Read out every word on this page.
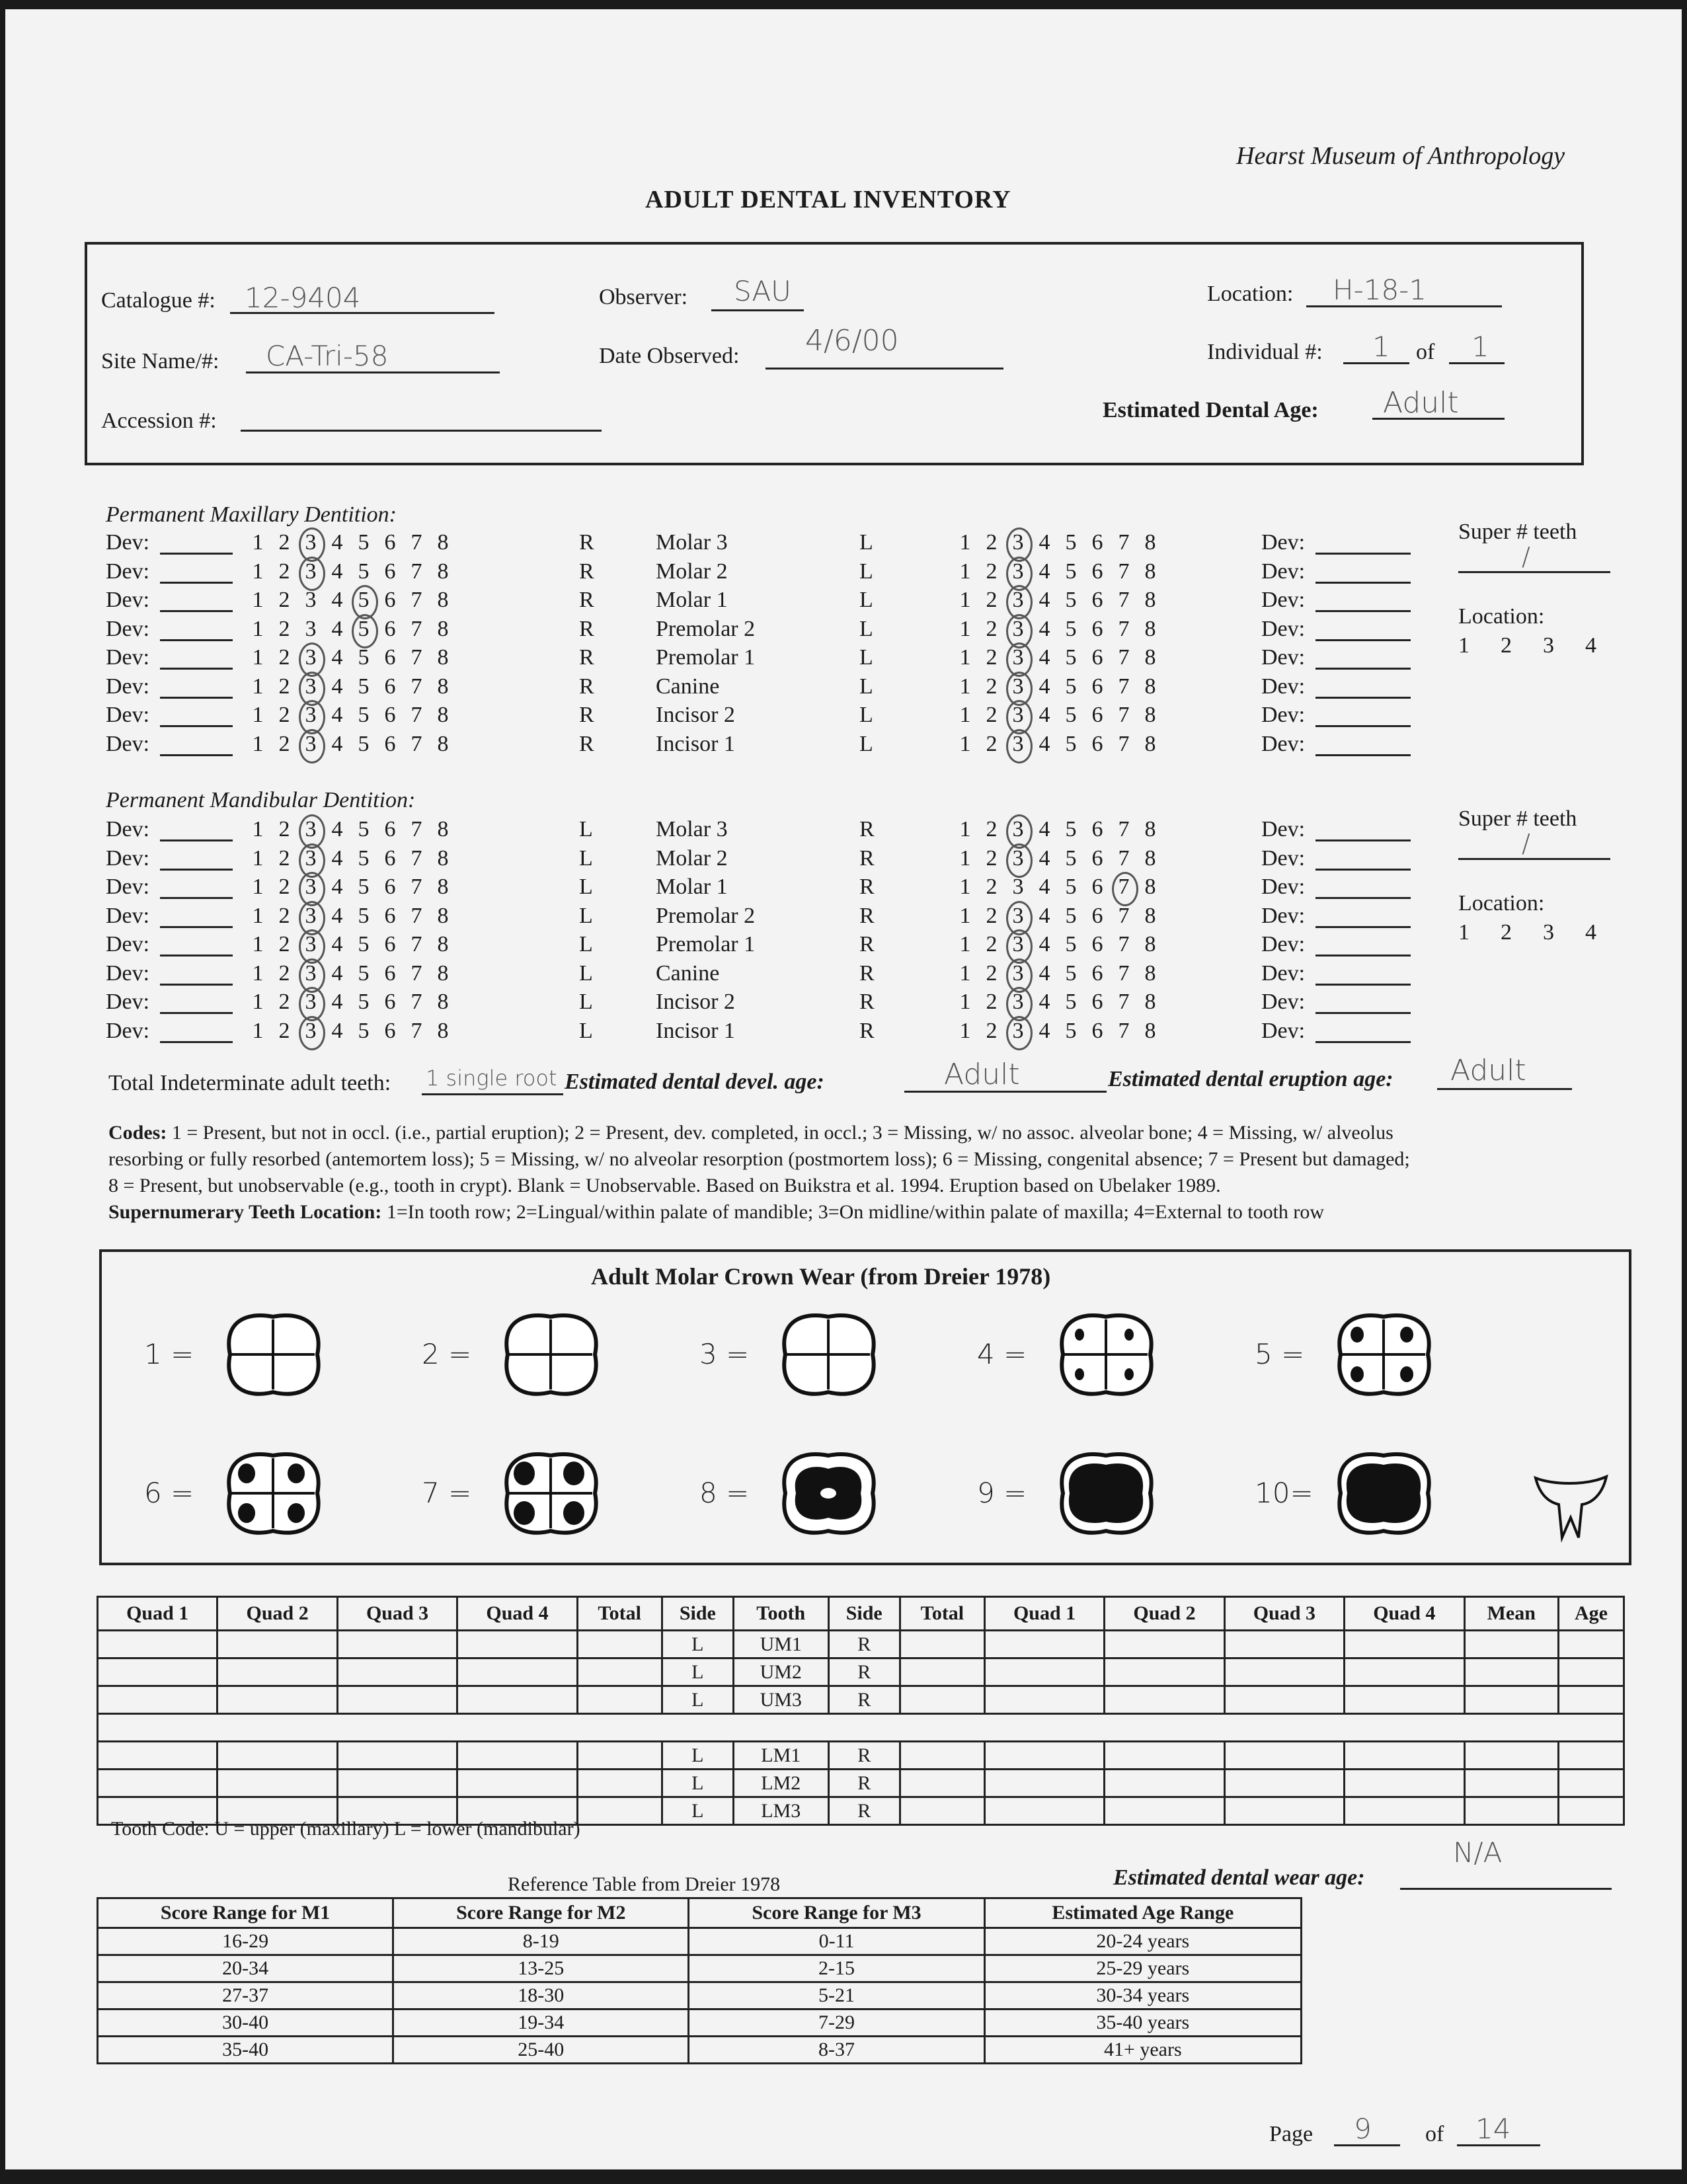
Hearst Museum of Anthropology
ADULT DENTAL INVENTORY
Catalogue #: 12-9404	Observer: SAU	Location: H-18-1
Site Name/#: CA-Tri-58	Date Observed: 4/6/00	Individual #: 1 of 1
Accession #:	Estimated Dental Age: Adult
Permanent Maxillary Dentition:
Super # teeth
/
Location:
1 2 3 4
Permanent Mandibular Dentition:
Super # teeth
/
Location:
1 2 3 4
Total Indeterminate adult teeth: 1 single root Estimated dental devel. age:	Adult	Estimated dental eruption age: Adult
Codes: 1 = Present, but not in occl. (i.e., partial eruption); 2 = Present, dev. completed, in occl.; 3 = Missing, w/ no assoc. alveolar bone; 4 = Missing, w/ alveolus
resorbing or fully resorbed (antemortem loss); 5 = Missing, w/ no alveolar resorption (postmortem loss); 6 = Missing, congenital absence; 7 = Present but damaged;
8 = Present, but unobservable (e.g., tooth in crypt). Blank = Unobservable. Based on Buikstra et al. 1994. Eruption based on Ubelaker 1989.
Supernumerary Teeth Location: 1=In tooth row; 2=Lingual/within palate of mandible; 3=On midline/within palate of maxilla; 4=External to tooth row
Adult Molar Crown Wear (from Dreier 1978)
Quad 1	Quad 2	Quad 3	Quad 4	Total	Side	Tooth	Side	Total	Quad 1	Quad 2	Quad 3	Quad 4	Mean	Age
					L	UM1	R							
					L	UM2	R							
					L	UM3	R							

					L	LM1	R							
					L	LM2	R							
					L	LM3	R							
Tooth Code: U = upper (maxillary) L = lower (mandibular)
Reference Table from Dreier 1978	Estimated dental wear age:
N/A
Score Range for M1	Score Range for M2	Score Range for M3	Estimated Age Range
16-29	8-19	0-11	20-24 years
20-34	13-25	2-15	25-29 years
27-37	18-30	5-21	30-34 years
30-40	19-34	7-29	35-40 years
35-40	25-40	8-37	41+ years
Page 9 of 14
Dev:	1 2 3 4 5 6 7 8	R	Molar 3	L	1 2 3 4 5 6 7 8	Dev:
Dev:	1 2 3 4 5 6 7 8	R	Molar 2	L	1 2 3 4 5 6 7 8	Dev:
Dev:	1 2 3 4 5 6 7 8	R	Molar 1	L	1 2 3 4 5 6 7 8	Dev:
Dev:	1 2 3 4 5 6 7 8	R	Premolar 2	L	1 2 3 4 5 6 7 8	Dev:
Dev:	1 2 3 4 5 6 7 8	R	Premolar 1	L	1 2 3 4 5 6 7 8	Dev:
Dev:	1 2 3 4 5 6 7 8	R	Canine	L	1 2 3 4 5 6 7 8	Dev:
Dev:	1 2 3 4 5 6 7 8	R	Incisor 2	L	1 2 3 4 5 6 7 8	Dev:
Dev:	1 2 3 4 5 6 7 8	R	Incisor 1	L	1 2 3 4 5 6 7 8	Dev:
Dev:	1 2 3 4 5 6 7 8	L	Molar 3	R	1 2 3 4 5 6 7 8	Dev:
Dev:	1 2 3 4 5 6 7 8	L	Molar 2	R	1 2 3 4 5 6 7 8	Dev:
Dev:	1 2 3 4 5 6 7 8	L	Molar 1	R	1 2 3 4 5 6 7 8	Dev:
Dev:	1 2 3 4 5 6 7 8	L	Premolar 2	R	1 2 3 4 5 6 7 8	Dev:
Dev:	1 2 3 4 5 6 7 8	L	Premolar 1	R	1 2 3 4 5 6 7 8	Dev:
Dev:	1 2 3 4 5 6 7 8	L	Canine	R	1 2 3 4 5 6 7 8	Dev:
Dev:	1 2 3 4 5 6 7 8	L	Incisor 2	R	1 2 3 4 5 6 7 8	Dev:
Dev:	1 2 3 4 5 6 7 8	L	Incisor 1	R	1 2 3 4 5 6 7 8	Dev:
1 =	2 =	3 =	4 =	5 =
6 =	7 =	8 =	9 =	10=
